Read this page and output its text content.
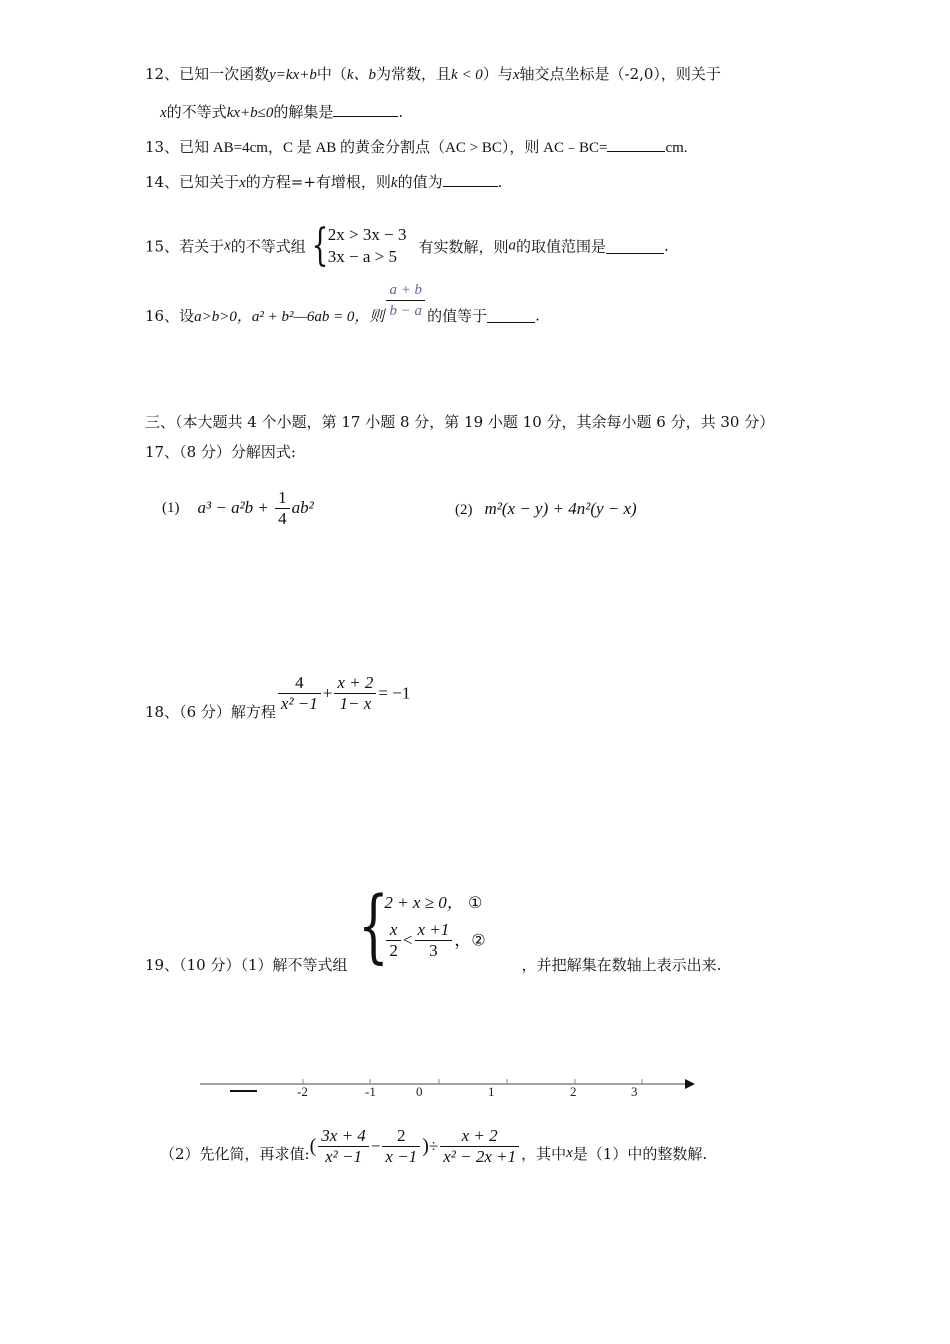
12、已知一次函数y=kx+b中（k、b为常数，且k < 0）与x轴交点坐标是（-2,0），则关于
x的不等式kx+b≤0的解集是	.
13、已知 AB=4cm，C 是 AB 的黄金分割点（AC > BC），则 AC﹣BC=	cm.
14、已知关于x的方程=+有增根，则k的值为	.
15、若关于x的不等式组 { 2x > 3x − 3
3x − a > 5
有实数解，则a的取值范围是	.
16、设a>b>0，a² + b²—6ab = 0，则 $\frac{a + b}{b - a}$ 的值等于	.
三、（本大题共 4 个小题，第 17 小题 8 分，第 19 小题 10 分，其余每小题 6 分，共 30 分）
17、（8 分）分解因式:
(1) $a^3 - a^2b + \frac{1}{4} ab^2$	(2) m²(x − y) + 4n²(y − x)
18、（6 分）解方程 $\frac{4}{\text{x² −1}} + \frac{x + 2}{1- x} = -1$
19、（10 分）（1）解不等式组 {
2 + x ≥ 0， ①
$\frac{x}{2} < \frac{x +1}{3}$ ，②
，并把解集在数轴上表示出来.
-2	-1	0	1	2	3
（2）先化简，再求值:( $\frac{3x + 4}{\text{x² −1}} - \frac{2}{x -1}$ )÷ $\frac{x + 2}{\text{x² − 2x +1}}$ ，其中x是（1）中的整数解.
